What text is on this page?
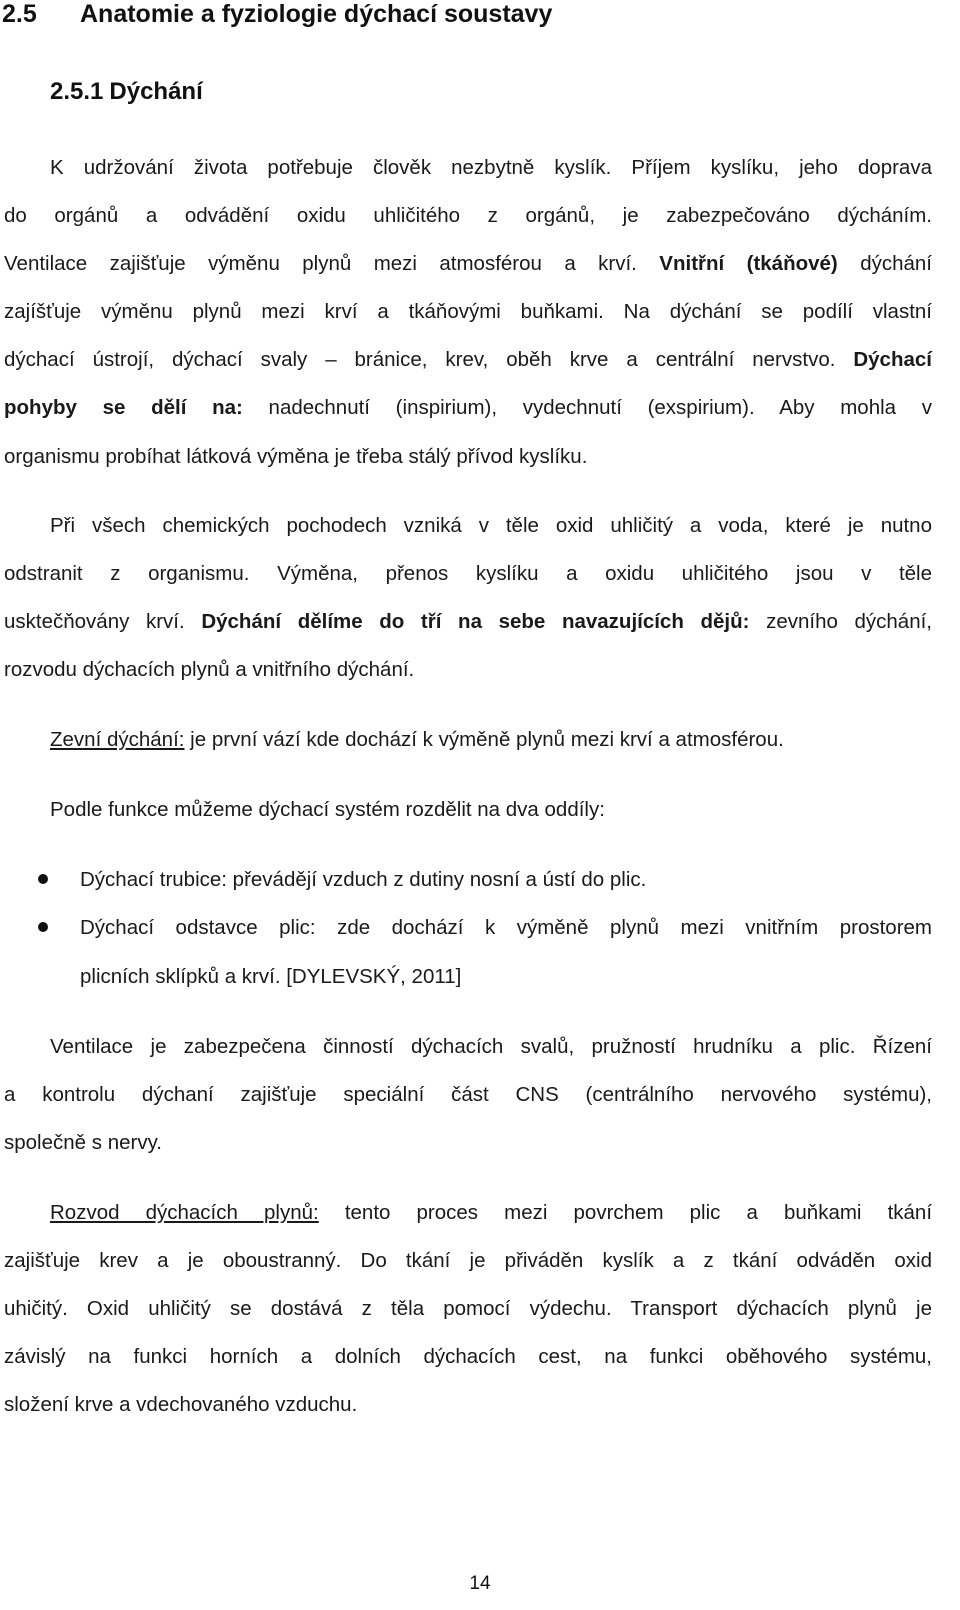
2.5 Anatomie a fyziologie dýchací soustavy
2.5.1 Dýchání
K udržování života potřebuje člověk nezbytně kyslík. Příjem kyslíku, jeho doprava
do orgánů a odvádění oxidu uhličitého z orgánů, je zabezpečováno dýcháním.
Ventilace zajišťuje výměnu plynů mezi atmosférou a krví. Vnitřní (tkáňové) dýchání
zajíšťuje výměnu plynů mezi krví a tkáňovými buňkami. Na dýchání se podílí vlastní
dýchací ústrojí, dýchací svaly – bránice, krev, oběh krve a centrální nervstvo. Dýchací
pohyby se dělí na: nadechnutí (inspirium), vydechnutí (exspirium). Aby mohla v
organismu probíhat látková výměna je třeba stálý přívod kyslíku.
Při všech chemických pochodech vzniká v těle oxid uhličitý a voda, které je nutno
odstranit z organismu. Výměna, přenos kyslíku a oxidu uhličitého jsou v těle
usktečňovány krví. Dýchání dělíme do tří na sebe navazujících dějů: zevního dýchání,
rozvodu dýchacích plynů a vnitřního dýchání.
Zevní dýchání: je první vází kde dochází k výměně plynů mezi krví a atmosférou.
Podle funkce můžeme dýchací systém rozdělit na dva oddíly:
Dýchací trubice: převádějí vzduch z dutiny nosní a ústí do plic.
Dýchací odstavce plic: zde dochází k výměně plynů mezi vnitřním prostorem
plicních sklípků a krví. [DYLEVSKÝ, 2011]
Ventilace je zabezpečena činností dýchacích svalů, pružností hrudníku a plic. Řízení
a kontrolu dýchaní zajišťuje speciální část CNS (centrálního nervového systému),
společně s nervy.
Rozvod dýchacích plynů: tento proces mezi povrchem plic a buňkami tkání
zajišťuje krev a je oboustranný. Do tkání je přiváděn kyslík a z tkání odváděn oxid
uhičitý. Oxid uhličitý se dostává z těla pomocí výdechu. Transport dýchacích plynů je
závislý na funkci horních a dolních dýchacích cest, na funkci oběhového systému,
složení krve a vdechovaného vzduchu.
14
